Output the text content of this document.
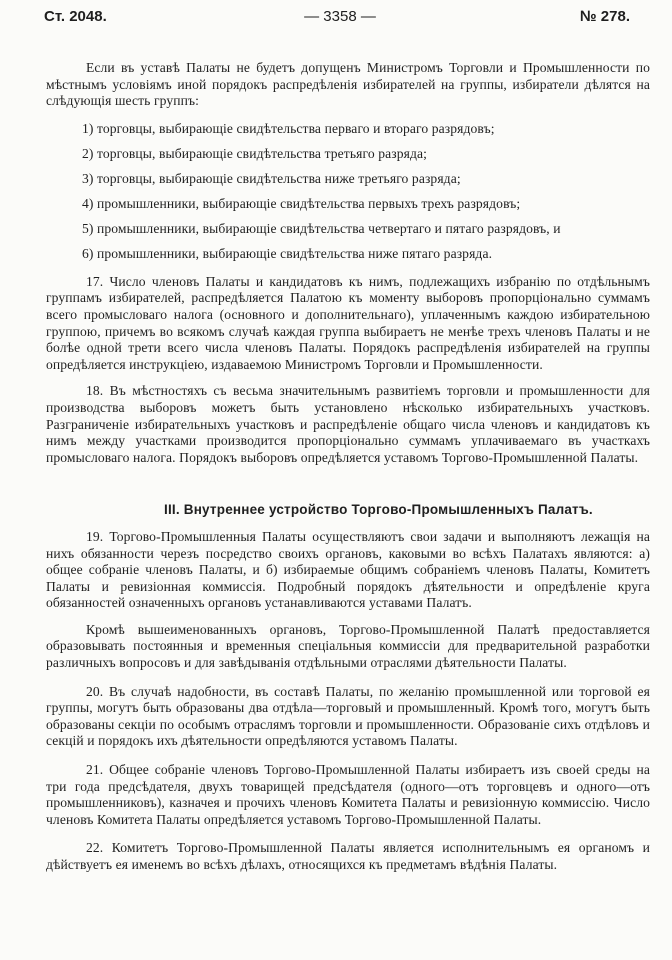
Ст. 2048.	— 3358 —	№ 278.

Если въ уставѣ Палаты не будетъ допущенъ Министромъ Торговли и Промышленности по мѣстнымъ условіямъ иной порядокъ распредѣленія избирателей на группы, избиратели дѣлятся на слѣдующія шесть группъ:

1) торговцы, выбирающіе свидѣтельства перваго и втораго разрядовъ;
2) торговцы, выбирающіе свидѣтельства третьяго разряда;
3) торговцы, выбирающіе свидѣтельства ниже третьяго разряда;
4) промышленники, выбирающіе свидѣтельства первыхъ трехъ разрядовъ;
5) промышленники, выбирающіе свидѣтельства четвертаго и пятаго разрядовъ, и
6) промышленники, выбирающіе свидѣтельства ниже пятаго разряда.

17. Число членовъ Палаты и кандидатовъ къ нимъ, подлежащихъ избранію по отдѣльнымъ группамъ избирателей, распредѣляется Палатою къ моменту выборовъ пропорціонально суммамъ всего промысловаго налога (основного и дополнительнаго), уплаченнымъ каждою избирательною группою, причемъ во всякомъ случаѣ каждая группа выбираетъ не менѣе трехъ членовъ Палаты и не болѣе одной трети всего числа членовъ Палаты. Порядокъ распредѣленія избирателей на группы опредѣляется инструкціею, издаваемою Министромъ Торговли и Промышленности.

18. Въ мѣстностяхъ съ весьма значительнымъ развитіемъ торговли и промышленности для производства выборовъ можетъ быть установлено нѣсколько избирательныхъ участковъ. Разграниченіе избирательныхъ участковъ и распредѣленіе общаго числа членовъ и кандидатовъ къ нимъ между участками производится пропорціонально суммамъ уплачиваемаго въ участкахъ промысловаго налога. Порядокъ выборовъ опредѣляется уставомъ Торгово-Промышленной Палаты.

III. Внутреннее устройство Торгово-Промышленныхъ Палатъ.

19. Торгово-Промышленныя Палаты осуществляютъ свои задачи и выполняютъ лежащія на нихъ обязанности черезъ посредство своихъ органовъ, каковыми во всѣхъ Палатахъ являются: а) общее собраніе членовъ Палаты, и б) избираемые общимъ собраніемъ членовъ Палаты, Комитетъ Палаты и ревизіонная коммиссія. Подробный порядокъ дѣятельности и опредѣленіе круга обязанностей означенныхъ органовъ устанавливаются уставами Палатъ.

Кромѣ вышеименованныхъ органовъ, Торгово-Промышленной Палатѣ предоставляется образовывать постоянныя и временныя спеціальныя коммиссіи для предварительной разработки различныхъ вопросовъ и для завѣдыванія отдѣльными отраслями дѣятельности Палаты.

20. Въ случаѣ надобности, въ составѣ Палаты, по желанію промышленной или торговой ея группы, могутъ быть образованы два отдѣла—торговый и промышленный. Кромѣ того, могутъ быть образованы секціи по особымъ отраслямъ торговли и промышленности. Образованіе сихъ отдѣловъ и секцій и порядокъ ихъ дѣятельности опредѣляются уставомъ Палаты.

21. Общее собраніе членовъ Торгово-Промышленной Палаты избираетъ изъ своей среды на три года предсѣдателя, двухъ товарищей предсѣдателя (одного—отъ торговцевъ и одного—отъ промышленниковъ), казначея и прочихъ членовъ Комитета Палаты и ревизіонную коммиссію. Число членовъ Комитета Палаты опредѣляется уставомъ Торгово-Промышленной Палаты.

22. Комитетъ Торгово-Промышленной Палаты является исполнительнымъ ея органомъ и дѣйствуетъ ея именемъ во всѣхъ дѣлахъ, относящихся къ предметамъ вѣдѣнія Палаты.
